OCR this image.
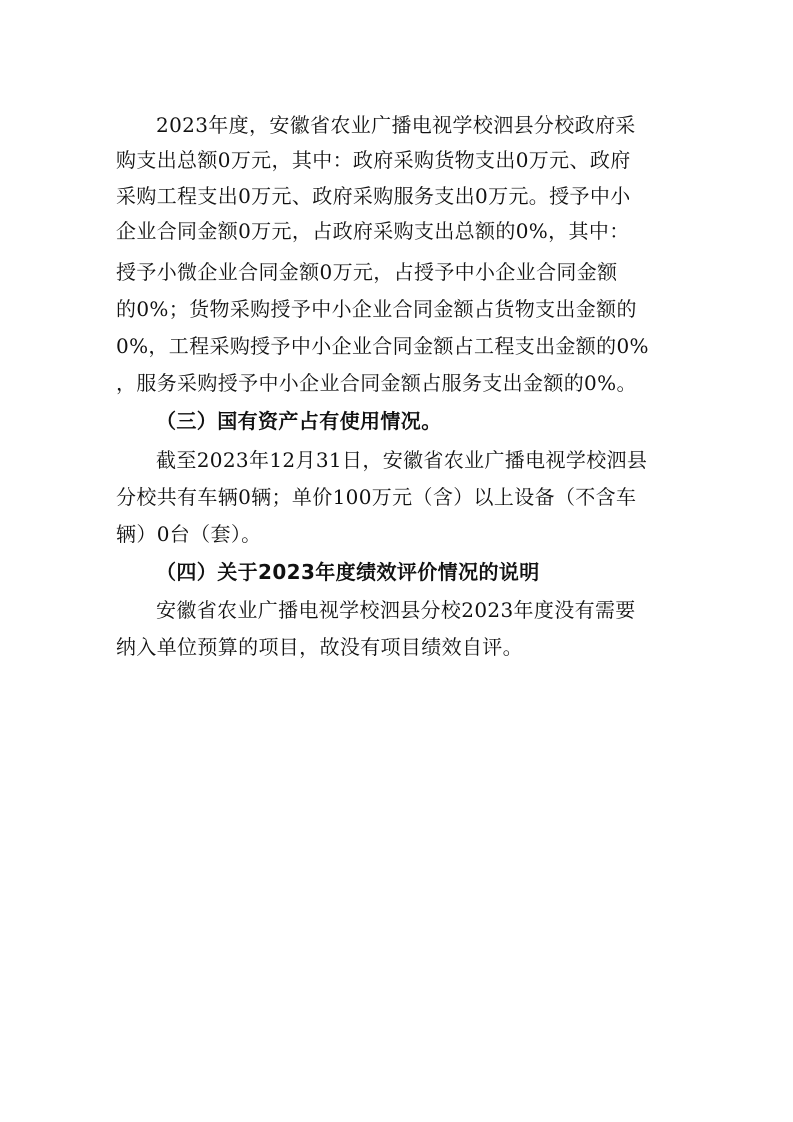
2023年度，安徽省农业广播电视学校泗县分校政府采
购支出总额0万元，其中：政府采购货物支出0万元、政府
采购工程支出0万元、政府采购服务支出0万元。授予中小
企业合同金额0万元，占政府采购支出总额的0%，其中：
授予小微企业合同金额0万元，占授予中小企业合同金额
的0%；货物采购授予中小企业合同金额占货物支出金额的
0%，工程采购授予中小企业合同金额占工程支出金额的0%
，服务采购授予中小企业合同金额占服务支出金额的0%。
（三）国有资产占有使用情况。
截至2023年12月31日，安徽省农业广播电视学校泗县
分校共有车辆0辆；单价100万元（含）以上设备（不含车
辆）0台（套）。
（四）关于2023年度绩效评价情况的说明
安徽省农业广播电视学校泗县分校2023年度没有需要
纳入单位预算的项目，故没有项目绩效自评。
